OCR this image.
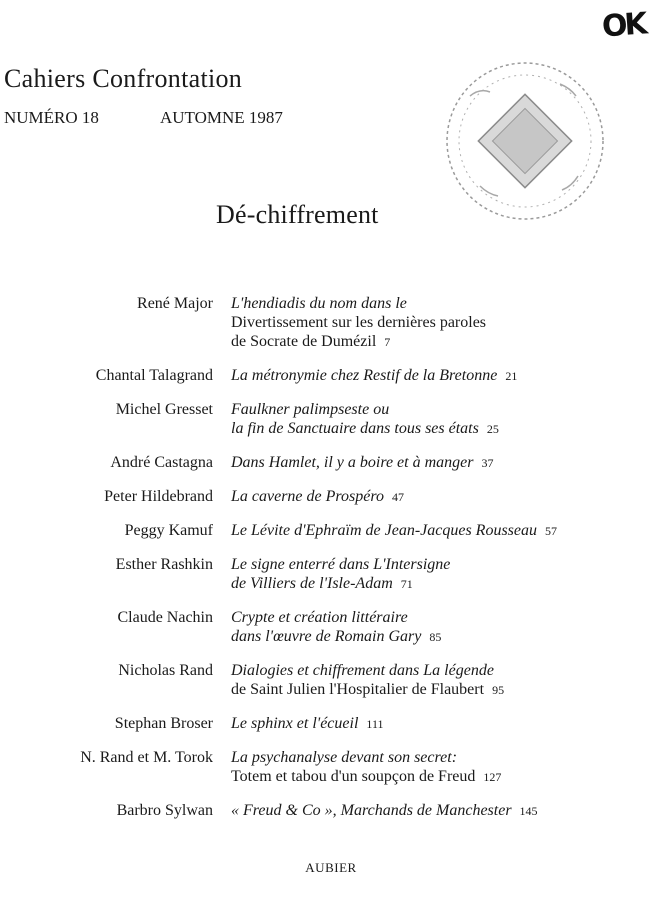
OK
Cahiers Confrontation
NUMÉRO 18	AUTOMNE 1987
Dé-chiffrement
René Major	L'hendiadis du nom dans le
Divertissement sur les dernières paroles
de Socrate de Dumézil 7
Chantal Talagrand	La métronymie chez Restif de la Bretonne 21
Michel Gresset	Faulkner palimpseste ou
la fin de Sanctuaire dans tous ses états 25
André Castagna	Dans Hamlet, il y a boire et à manger 37
Peter Hildebrand	La caverne de Prospéro 47
Peggy Kamuf	Le Lévite d'Ephraïm de Jean-Jacques Rousseau 57
Esther Rashkin	Le signe enterré dans L'Intersigne
de Villiers de l'Isle-Adam 71
Claude Nachin	Crypte et création littéraire
dans l'œuvre de Romain Gary 85
Nicholas Rand	Dialogies et chiffrement dans La légende
de Saint Julien l'Hospitalier de Flaubert 95
Stephan Broser	Le sphinx et l'écueil 111
N. Rand et M. Torok	La psychanalyse devant son secret:
Totem et tabou d'un soupçon de Freud 127
Barbro Sylwan	« Freud & Co », Marchands de Manchester 145
AUBIER
